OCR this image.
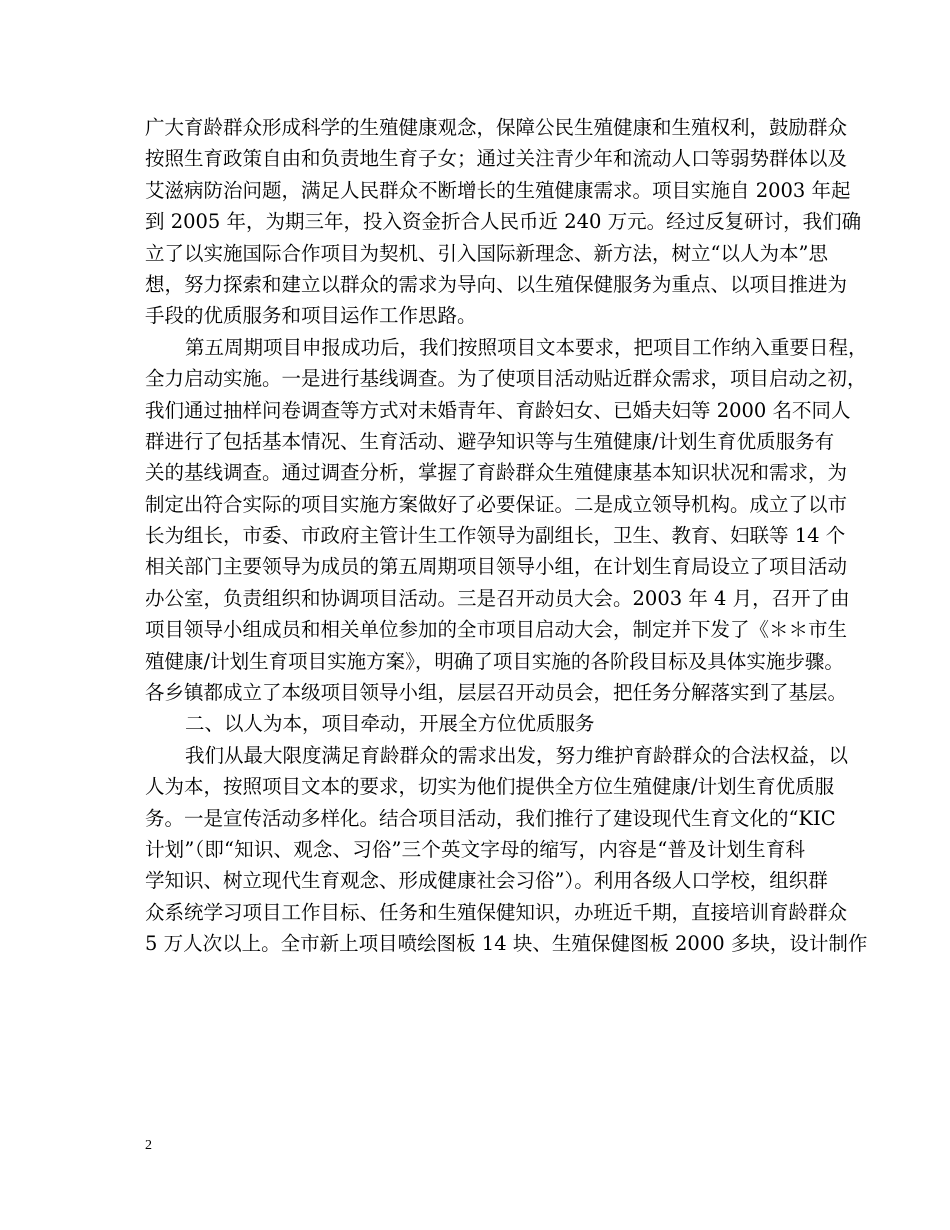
广大育龄群众形成科学的生殖健康观念，保障公民生殖健康和生殖权利，鼓励群众
按照生育政策自由和负责地生育子女；通过关注青少年和流动人口等弱势群体以及
艾滋病防治问题，满足人民群众不断增长的生殖健康需求。项目实施自 2003 年起
到 2005 年，为期三年，投入资金折合人民币近 240 万元。经过反复研讨，我们确
立了以实施国际合作项目为契机、引入国际新理念、新方法，树立“以人为本”思
想，努力探索和建立以群众的需求为导向、以生殖保健服务为重点、以项目推进为
手段的优质服务和项目运作工作思路。
第五周期项目申报成功后，我们按照项目文本要求，把项目工作纳入重要日程，
全力启动实施。一是进行基线调查。为了使项目活动贴近群众需求，项目启动之初，
我们通过抽样问卷调查等方式对未婚青年、育龄妇女、已婚夫妇等 2000 名不同人
群进行了包括基本情况、生育活动、避孕知识等与生殖健康/计划生育优质服务有
关的基线调查。通过调查分析，掌握了育龄群众生殖健康基本知识状况和需求，为
制定出符合实际的项目实施方案做好了必要保证。二是成立领导机构。成立了以市
长为组长，市委、市政府主管计生工作领导为副组长，卫生、教育、妇联等 14 个
相关部门主要领导为成员的第五周期项目领导小组，在计划生育局设立了项目活动
办公室，负责组织和协调项目活动。三是召开动员大会。2003 年 4 月，召开了由
项目领导小组成员和相关单位参加的全市项目启动大会，制定并下发了《＊＊市生
殖健康/计划生育项目实施方案》，明确了项目实施的各阶段目标及具体实施步骤。
各乡镇都成立了本级项目领导小组，层层召开动员会，把任务分解落实到了基层。
二、以人为本，项目牵动，开展全方位优质服务
我们从最大限度满足育龄群众的需求出发，努力维护育龄群众的合法权益，以
人为本，按照项目文本的要求，切实为他们提供全方位生殖健康/计划生育优质服
务。一是宣传活动多样化。结合项目活动，我们推行了建设现代生育文化的“KIC
计划”（即“知识、观念、习俗”三个英文字母的缩写，内容是“普及计划生育科
学知识、树立现代生育观念、形成健康社会习俗”）。利用各级人口学校，组织群
众系统学习项目工作目标、任务和生殖保健知识，办班近千期，直接培训育龄群众
5 万人次以上。全市新上项目喷绘图板 14 块、生殖保健图板 2000 多块，设计制作
2
